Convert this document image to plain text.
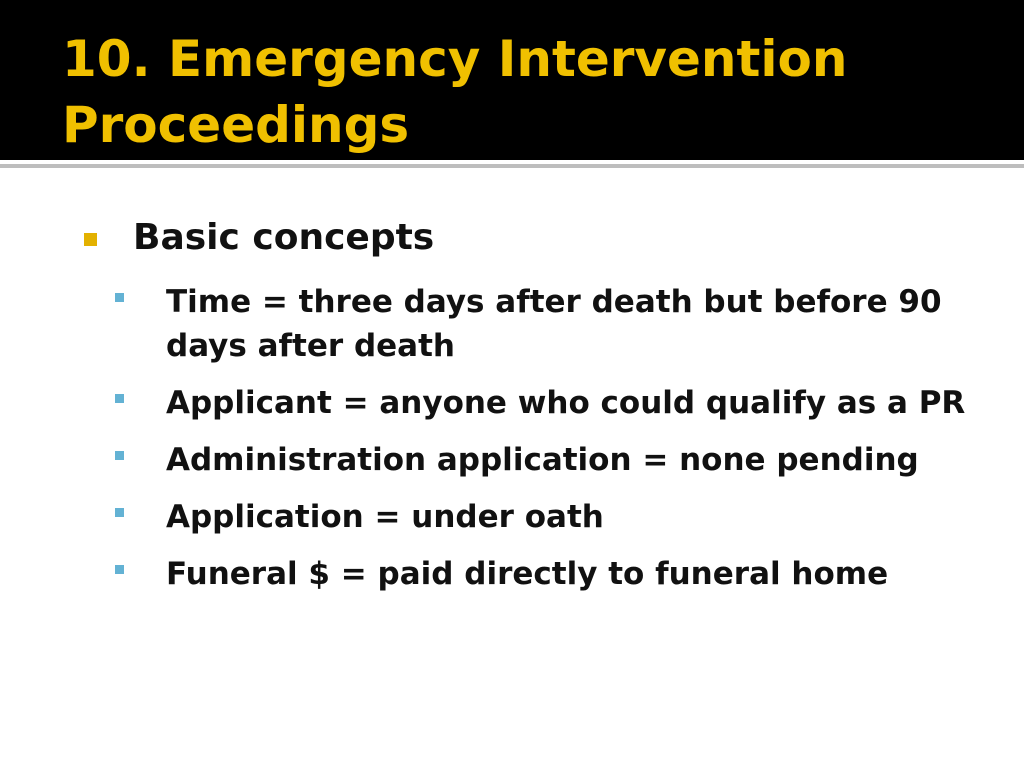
10. Emergency Intervention Proceedings
Basic concepts
Time = three days after death but before 90 days after death
Applicant = anyone who could qualify as a PR
Administration application = none pending
Application = under oath
Funeral $ = paid directly to funeral home
